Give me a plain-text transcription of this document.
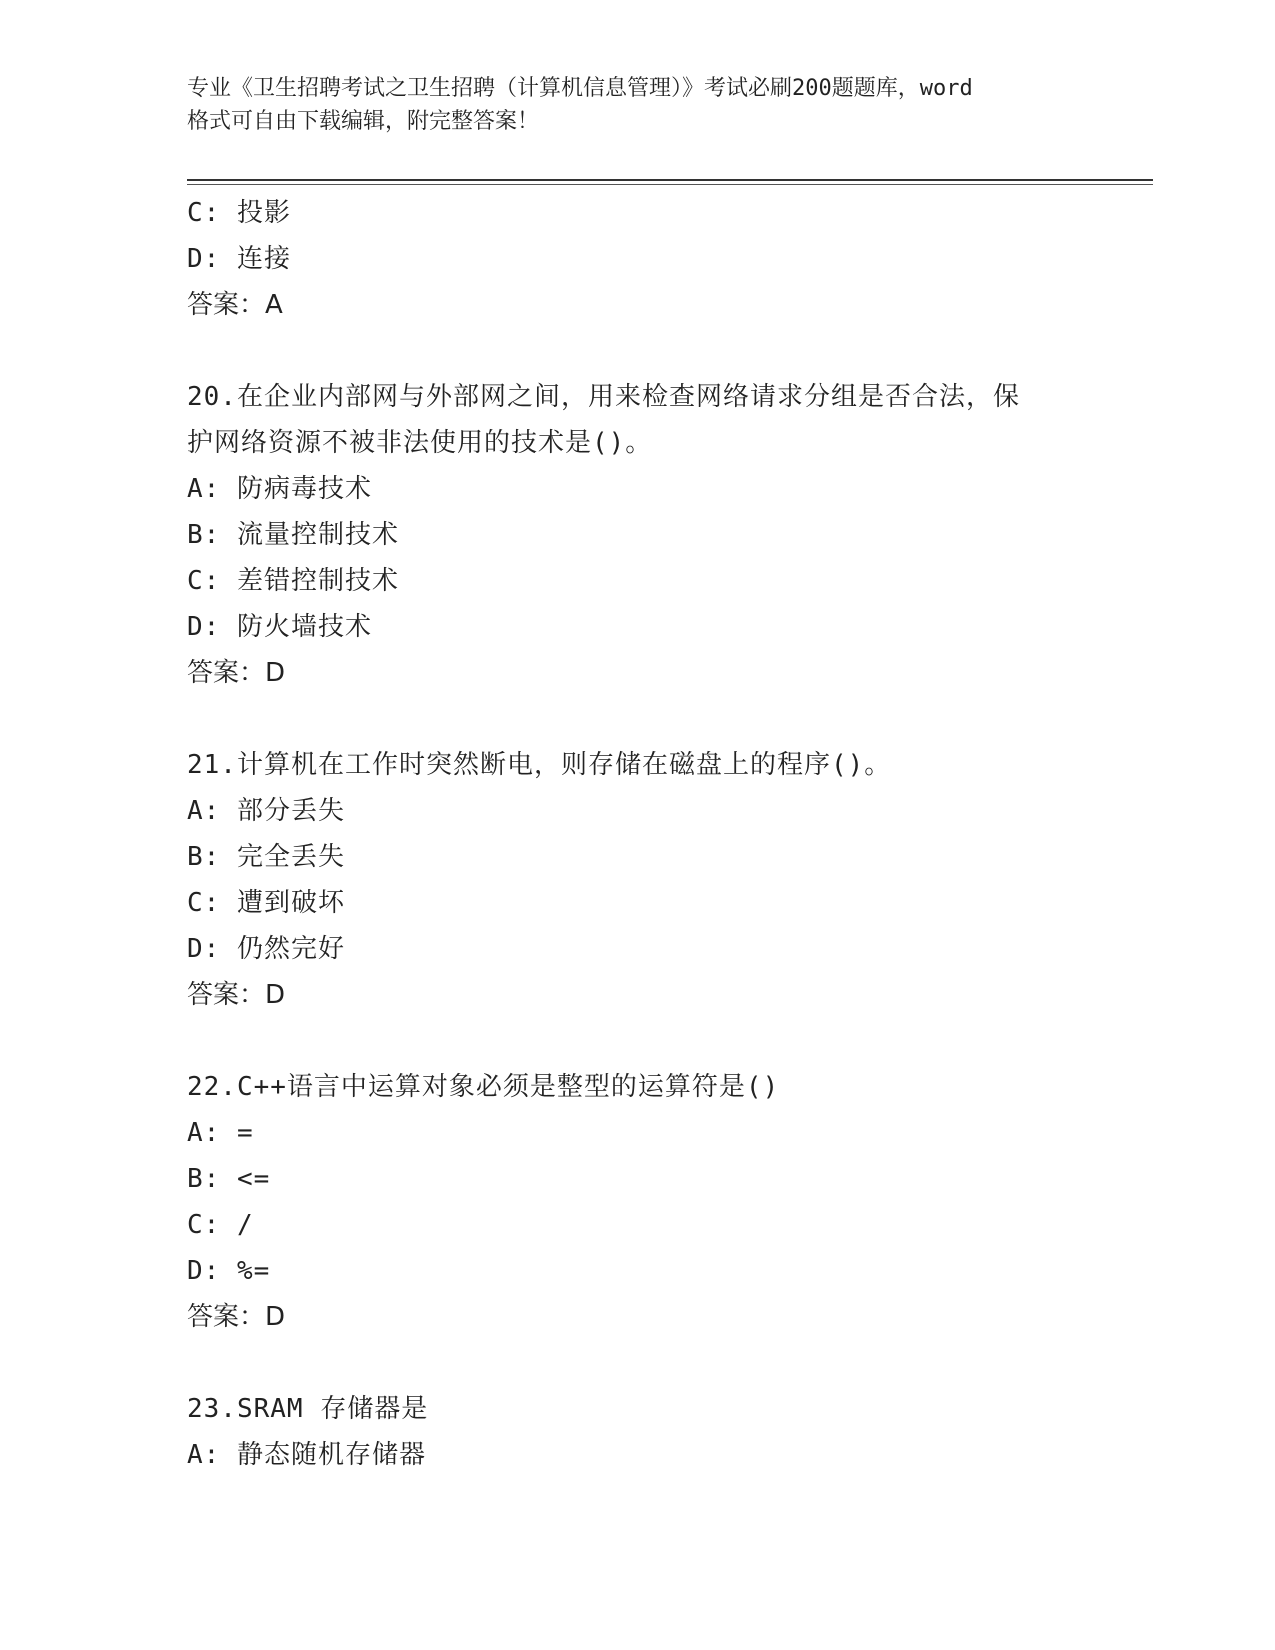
专业《卫生招聘考试之卫生招聘（计算机信息管理）》考试必刷200题题库，word
格式可自由下载编辑，附完整答案！
C: 投影
D: 连接
答案：A
20.在企业内部网与外部网之间，用来检查网络请求分组是否合法，保
护网络资源不被非法使用的技术是()。
A: 防病毒技术
B: 流量控制技术
C: 差错控制技术
D: 防火墙技术
答案：D
21.计算机在工作时突然断电，则存储在磁盘上的程序()。
A: 部分丢失
B: 完全丢失
C: 遭到破坏
D: 仍然完好
答案：D
22.C++语言中运算对象必须是整型的运算符是()
A: =
B: <=
C: /
D: %=
答案：D
23.SRAM 存储器是
A: 静态随机存储器
